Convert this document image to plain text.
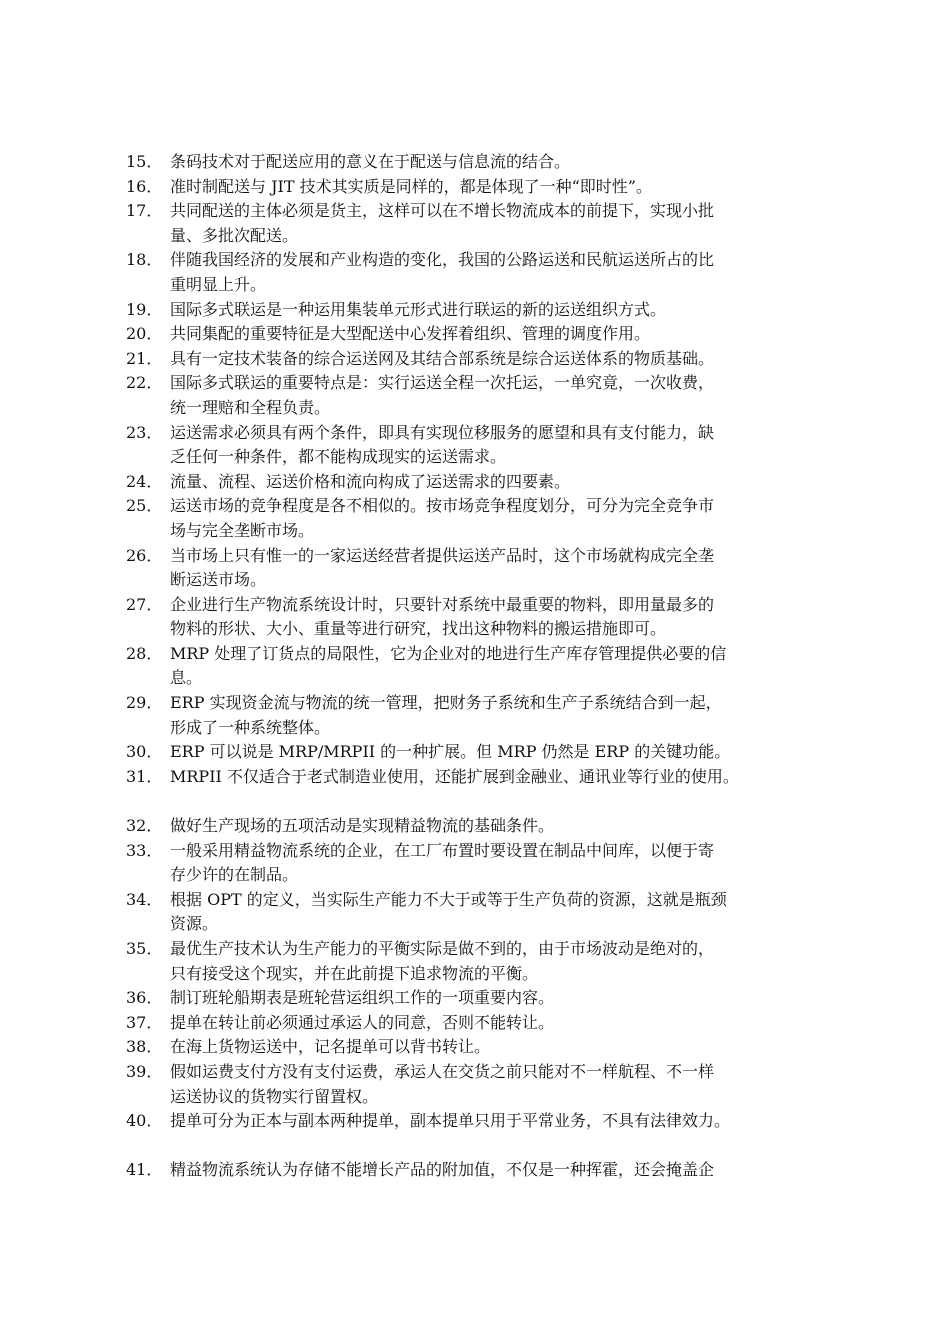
15． 条码技术对于配送应用的意义在于配送与信息流的结合。
16． 准时制配送与 JIT 技术其实质是同样的，都是体现了一种“即时性”。
17． 共同配送的主体必须是货主，这样可以在不增长物流成本的前提下，实现小批
量、多批次配送。
18． 伴随我国经济的发展和产业构造的变化，我国的公路运送和民航运送所占的比
重明显上升。
19． 国际多式联运是一种运用集装单元形式进行联运的新的运送组织方式。
20． 共同集配的重要特征是大型配送中心发挥着组织、管理的调度作用。
21． 具有一定技术装备的综合运送网及其结合部系统是综合运送体系的物质基础。
22． 国际多式联运的重要特点是：实行运送全程一次托运，一单究竟，一次收费，
统一理赔和全程负责。
23． 运送需求必须具有两个条件，即具有实现位移服务的愿望和具有支付能力，缺
乏任何一种条件，都不能构成现实的运送需求。
24． 流量、流程、运送价格和流向构成了运送需求的四要素。
25． 运送市场的竞争程度是各不相似的。按市场竞争程度划分，可分为完全竞争市
场与完全垄断市场。
26． 当市场上只有惟一的一家运送经营者提供运送产品时，这个市场就构成完全垄
断运送市场。
27． 企业进行生产物流系统设计时，只要针对系统中最重要的物料，即用量最多的
物料的形状、大小、重量等进行研究，找出这种物料的搬运措施即可。
28． MRP 处理了订货点的局限性，它为企业对的地进行生产库存管理提供必要的信
息。
29． ERP 实现资金流与物流的统一管理，把财务子系统和生产子系统结合到一起，
形成了一种系统整体。
30． ERP 可以说是 MRP/MRPII 的一种扩展。但 MRP 仍然是 ERP 的关键功能。
31． MRPII 不仅适合于老式制造业使用，还能扩展到金融业、通讯业等行业的使用。
32． 做好生产现场的五项活动是实现精益物流的基础条件。
33． 一般采用精益物流系统的企业，在工厂布置时要设置在制品中间库，以便于寄
存少许的在制品。
34． 根据 OPT 的定义，当实际生产能力不大于或等于生产负荷的资源，这就是瓶颈
资源。
35． 最优生产技术认为生产能力的平衡实际是做不到的，由于市场波动是绝对的，
只有接受这个现实，并在此前提下追求物流的平衡。
36． 制订班轮船期表是班轮营运组织工作的一项重要内容。
37． 提单在转让前必须通过承运人的同意，否则不能转让。
38． 在海上货物运送中，记名提单可以背书转让。
39． 假如运费支付方没有支付运费，承运人在交货之前只能对不一样航程、不一样
运送协议的货物实行留置权。
40． 提单可分为正本与副本两种提单，副本提单只用于平常业务，不具有法律效力。
41． 精益物流系统认为存储不能增长产品的附加值，不仅是一种挥霍，还会掩盖企
